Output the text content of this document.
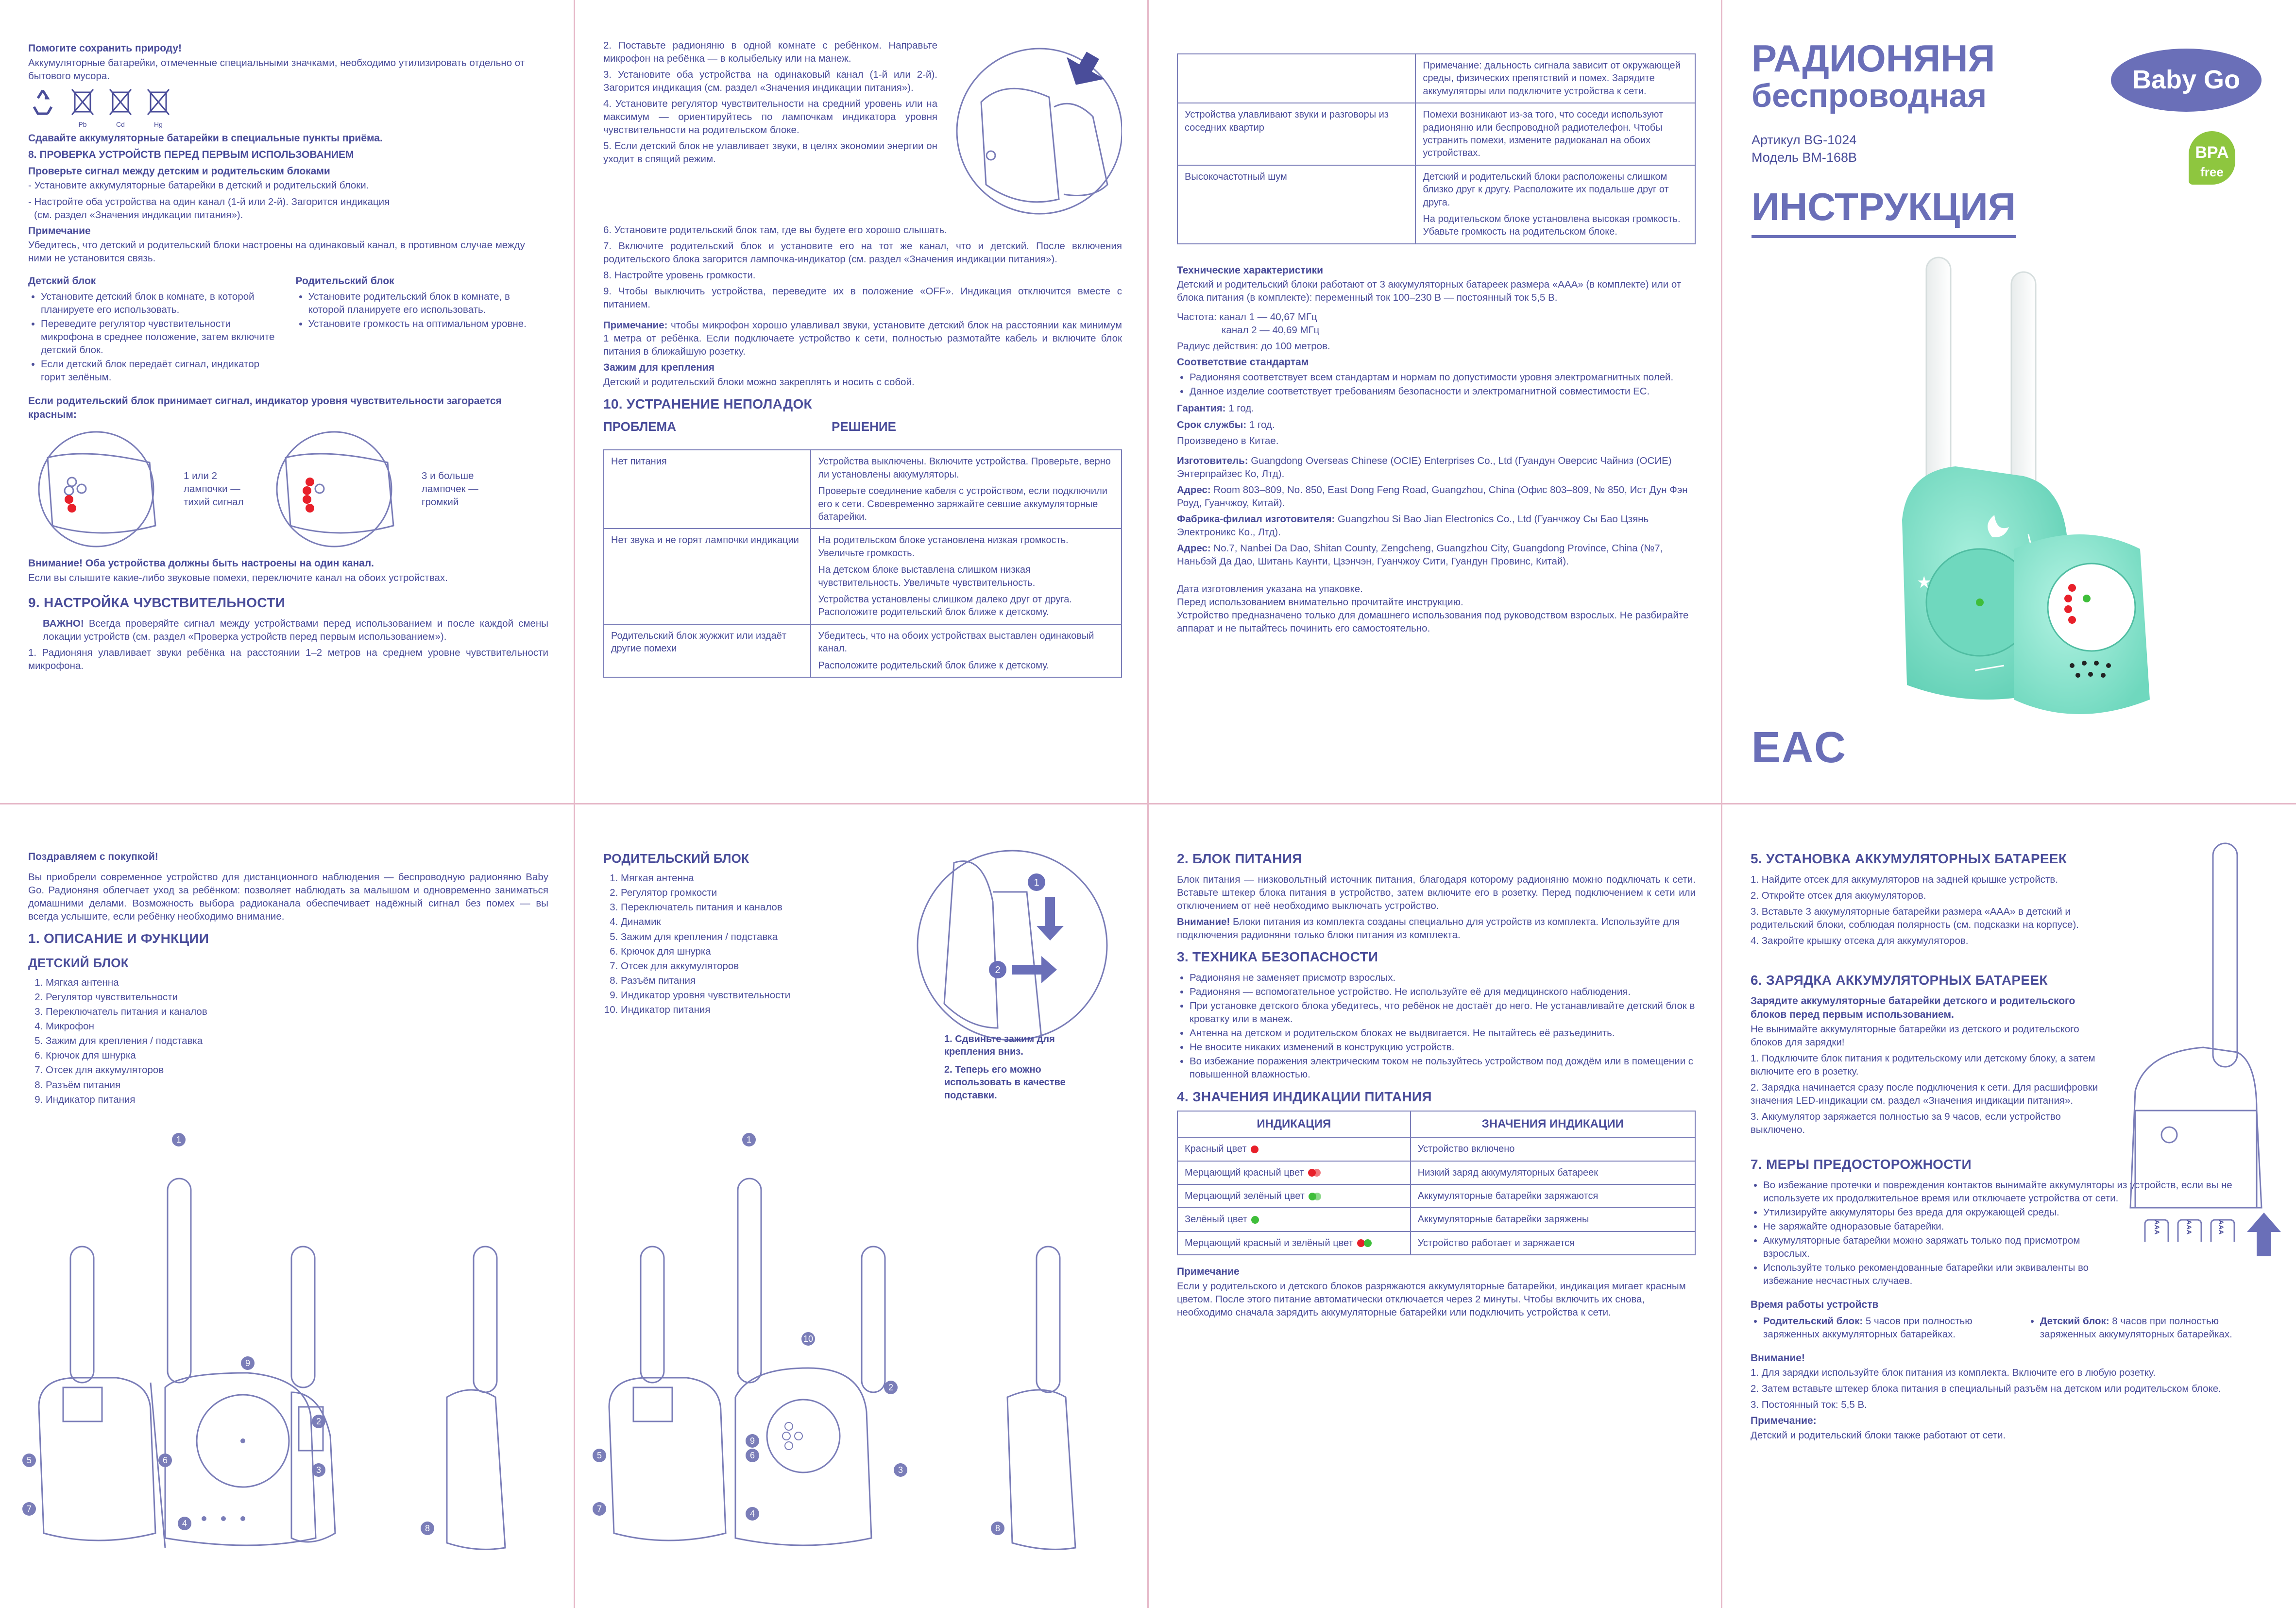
Помогите сохранить природу!
Аккумуляторные батарейки, отмеченные специальными значками, необходимо утилизировать отдельно от бытового мусора.
Pb	Cd	Hg
Сдавайте аккумуляторные батарейки в специальные пункты приёма.
8. ПРОВЕРКА УСТРОЙСТВ ПЕРЕД ПЕРВЫМ ИСПОЛЬЗОВАНИЕМ
Проверьте сигнал между детским и родительским блоками
- Установите аккумуляторные батарейки в детский и родительский блоки.
- Настройте оба устройства на один канал (1-й или 2-й). Загорится индикация
(см. раздел «Значения индикации питания»).
Примечание
Убедитесь, что детский и родительский блоки настроены на одинаковый канал, в противном случае между ними не установится связь.
Детский блок
• Установите детский блок в комнате, в которой планируете его использовать.
• Переведите регулятор чувствительности микрофона в среднее положение, затем включите детский блок.
• Если детский блок передаёт сигнал, индикатор горит зелёным.
Родительский блок
• Установите родительский блок в комнате, в которой планируете его использовать.
• Установите громкость на оптимальном уровне.
Если родительский блок принимает сигнал, индикатор уровня чувствительности загорается красным:
1 или 2 лампочки — тихий сигнал
3 и больше лампочек — громкий
Внимание! Оба устройства должны быть настроены на один канал.
Если вы слышите какие-либо звуковые помехи, переключите канал на обоих устройствах.
9. НАСТРОЙКА ЧУВСТВИТЕЛЬНОСТИ
ВАЖНО! Всегда проверяйте сигнал между устройствами перед использованием и после каждой смены локации устройств (см. раздел «Проверка устройств перед первым использованием»).
1. Радионяня улавливает звуки ребёнка на расстоянии 1–2 метров на среднем уровне чувствительности микрофона.
2. Поставьте радионяню в одной комнате с ребёнком. Направьте микрофон на ребёнка — в колыбельку или на манеж.
3. Установите оба устройства на одинаковый канал (1-й или 2-й). Загорится индикация (см. раздел «Значения индикации питания»).
4. Установите регулятор чувствительности на средний уровень или на максимум — ориентируйтесь по лампочкам индикатора уровня чувствительности на родительском блоке.
5. Если детский блок не улавливает звуки, в целях экономии энергии он уходит в спящий режим.
6. Установите родительский блок там, где вы будете его хорошо слышать.
7. Включите родительский блок и установите его на тот же канал, что и детский. После включения родительского блока загорится лампочка-индикатор (см. раздел «Значения индикации питания»).
8. Настройте уровень громкости.
9. Чтобы выключить устройства, переведите их в положение «OFF». Индикация отключится вместе с питанием.
Примечание: чтобы микрофон хорошо улавливал звуки, установите детский блок на расстоянии как минимум 1 метра от ребёнка. Если подключаете устройство к сети, полностью размотайте кабель и включите блок питания в ближайшую розетку.
Зажим для крепления
Детский и родительский блоки можно закреплять и носить с собой.
10. УСТРАНЕНИЕ НЕПОЛАДОК
ПРОБЛЕМА	РЕШЕНИЕ
Нет питания	Устройства выключены. Включите устройства. Проверьте, верно ли установлены аккумуляторы.
Проверьте соединение кабеля с устройством, если подключили его к сети. Своевременно заряжайте севшие аккумуляторные батарейки.

Нет звука и не горят лампочки индикации	На родительском блоке установлена низкая громкость. Увеличьте громкость.
На детском блоке выставлена слишком низкая чувствительность. Увеличьте чувствительность.
Устройства установлены слишком далеко друг от друга. Расположите родительский блок ближе к детскому.

Родительский блок жужжит или издаёт другие помехи	Убедитесь, что на обоих устройствах выставлен одинаковый канал.
Расположите родительский блок ближе к детскому.
	Примечание: дальность сигнала зависит от окружающей среды, физических препятствий и помех. Зарядите аккумуляторы или подключите устройства к сети.
Устройства улавливают звуки и разговоры из соседних квартир	Помехи возникают из-за того, что соседи используют радионяню или беспроводной радиотелефон. Чтобы устранить помехи, измените радиоканал на обоих устройствах.
Высокочастотный шум	Детский и родительский блоки расположены слишком близко друг к другу. Расположите их подальше друг от друга.
На родительском блоке установлена высокая громкость. Убавьте громкость на родительском блоке.
Технические характеристики
Детский и родительский блоки работают от 3 аккумуляторных батареек размера «AAA» (в комплекте) или от блока питания (в комплекте): переменный ток 100–230 В — постоянный ток 5,5 В.
Частота: канал 1 — 40,67 МГц
канал 2 — 40,69 МГц
Радиус действия: до 100 метров.
Соответствие стандартам
• Радионяня соответствует всем стандартам и нормам по допустимости уровня электромагнитных полей.
• Данное изделие соответствует требованиям безопасности и электромагнитной совместимости ЕС.
Гарантия: 1 год.
Срок службы: 1 год.
Произведено в Китае.
Изготовитель: Guangdong Overseas Chinese (OCIE) Enterprises Co., Ltd (Гуандун Оверсис Чайниз (ОСИЕ) Энтерпрайзес Ко, Лтд).
Адрес: Room 803–809, No. 850, East Dong Feng Road, Guangzhou, China (Офис 803–809, № 850, Ист Дун Фэн Роуд, Гуанчжоу, Китай).
Фабрика-филиал изготовителя: Guangzhou Si Bao Jian Electronics Co., Ltd (Гуанчжоу Сы Бао Цзянь Электроникс Ко., Лтд).
Адрес: No.7, Nanbei Da Dao, Shitan County, Zengcheng, Guangzhou City, Guangdong Province, China (№7, Наньбэй Да Дао, Шитань Каунти, Цзэнчэн, Гуанчжоу Сити, Гуандун Провинс, Китай).
Дата изготовления указана на упаковке.
Перед использованием внимательно прочитайте инструкцию.
Устройство предназначено только для домашнего использования под руководством взрослых. Не разбирайте аппарат и не пытайтесь починить его самостоятельно.
РАДИОНЯНЯ
беспроводная
Артикул BG-1024
Модель BM-168B
ИНСТРУКЦИЯ
Baby Go
BPA
free
★
EAC
Поздравляем с покупкой!
Вы приобрели современное устройство для дистанционного наблюдения — беспроводную радионяню Baby Go. Радионяня облегчает уход за ребёнком: позволяет наблюдать за малышом и одновременно заниматься домашними делами. Возможность выбора радиоканала обеспечивает надёжный сигнал без помех — вы всегда услышите, если ребёнку необходимо внимание.
1. ОПИСАНИЕ И ФУНКЦИИ
ДЕТСКИЙ БЛОК
1. Мягкая антенна
2. Регулятор чувствительности
3. Переключатель питания и каналов
4. Микрофон
5. Зажим для крепления / подставка
6. Крючок для шнурка
7. Отсек для аккумуляторов
8. Разъём питания
9. Индикатор питания
1
2
3
4
5	6
7
8
9
РОДИТЕЛЬСКИЙ БЛОК
1. Мягкая антенна
2. Регулятор громкости
3. Переключатель питания и каналов
4. Динамик
5. Зажим для крепления / подставка
6. Крючок для шнурка
7. Отсек для аккумуляторов
8. Разъём питания
9. Индикатор уровня чувствительности
10. Индикатор питания
1
2
1. Сдвиньте зажим для крепления вниз.
2. Теперь его можно использовать в качестве подставки.
1
2
3
4
5	6
7
8
9
10
2. БЛОК ПИТАНИЯ
Блок питания — низковольтный источник питания, благодаря которому радионяню можно подключать к сети. Вставьте штекер блока питания в устройство, затем включите его в розетку. Перед подключением к сети или отключением от неё необходимо выключать устройство.
Внимание! Блоки питания из комплекта созданы специально для устройств из комплекта. Используйте для подключения радионяни только блоки питания из комплекта.
3. ТЕХНИКА БЕЗОПАСНОСТИ
• Радионяня не заменяет присмотр взрослых.
• Радионяня — вспомогательное устройство. Не используйте её для медицинского наблюдения.
• При установке детского блока убедитесь, что ребёнок не достаёт до него. Не устанавливайте детский блок в кроватку или в манеж.
• Антенна на детском и родительском блоках не выдвигается. Не пытайтесь её разъединить.
• Не вносите никаких изменений в конструкцию устройств.
• Во избежание поражения электрическим током не пользуйтесь устройством под дождём или в помещении с повышенной влажностью.
4. ЗНАЧЕНИЯ ИНДИКАЦИИ ПИТАНИЯ
ИНДИКАЦИЯ	ЗНАЧЕНИЯ ИНДИКАЦИИ
Красный цвет	Устройство включено
Мерцающий красный цвет	Низкий заряд аккумуляторных батареек
Мерцающий зелёный цвет	Аккумуляторные батарейки заряжаются
Зелёный цвет	Аккумуляторные батарейки заряжены
Мерцающий красный и зелёный цвет	Устройство работает и заряжается
Примечание
Если у родительского и детского блоков разряжаются аккумуляторные батарейки, индикация мигает красным цветом. После этого питание автоматически отключается через 2 минуты. Чтобы включить их снова, необходимо сначала зарядить аккумуляторные батарейки или подключить устройства к сети.
5. УСТАНОВКА АККУМУЛЯТОРНЫХ БАТАРЕЕК
1. Найдите отсек для аккумуляторов на задней крышке устройств.
2. Откройте отсек для аккумуляторов.
3. Вставьте 3 аккумуляторные батарейки размера «AAA» в детский и родительский блоки, соблюдая полярность (см. подсказки на корпусе).
4. Закройте крышку отсека для аккумуляторов.
6. ЗАРЯДКА АККУМУЛЯТОРНЫХ БАТАРЕЕК
Зарядите аккумуляторные батарейки детского и родительского блоков перед первым использованием.
Не вынимайте аккумуляторные батарейки из детского и родительского блоков для зарядки!
1. Подключите блок питания к родительскому или детскому блоку, а затем включите его в розетку.
2. Зарядка начинается сразу после подключения к сети. Для расшифровки значения LED-индикации см. раздел «Значения индикации питания».
3. Аккумулятор заряжается полностью за 9 часов, если устройство выключено.
7. МЕРЫ ПРЕДОСТОРОЖНОСТИ
• Во избежание протечки и повреждения контактов вынимайте аккумуляторы из устройств, если вы не используете их продолжительное время или отключаете устройства от сети.
• Утилизируйте аккумуляторы без вреда для окружающей среды.
• Не заряжайте одноразовые батарейки.
• Аккумуляторные батарейки можно заряжать только под присмотром взрослых.
• Используйте только рекомендованные батарейки или эквиваленты во избежание несчастных случаев.
AAA	AAA	AAA
Время работы устройств
• Родительский блок: 5 часов при полностью заряженных аккумуляторных батарейках.
• Детский блок: 8 часов при полностью заряженных аккумуляторных батарейках.
Внимание!
1. Для зарядки используйте блок питания из комплекта. Включите его в любую розетку.
2. Затем вставьте штекер блока питания в специальный разъём на детском или родительском блоке.
3. Постоянный ток: 5,5 В.
Примечание:
Детский и родительский блоки также работают от сети.
